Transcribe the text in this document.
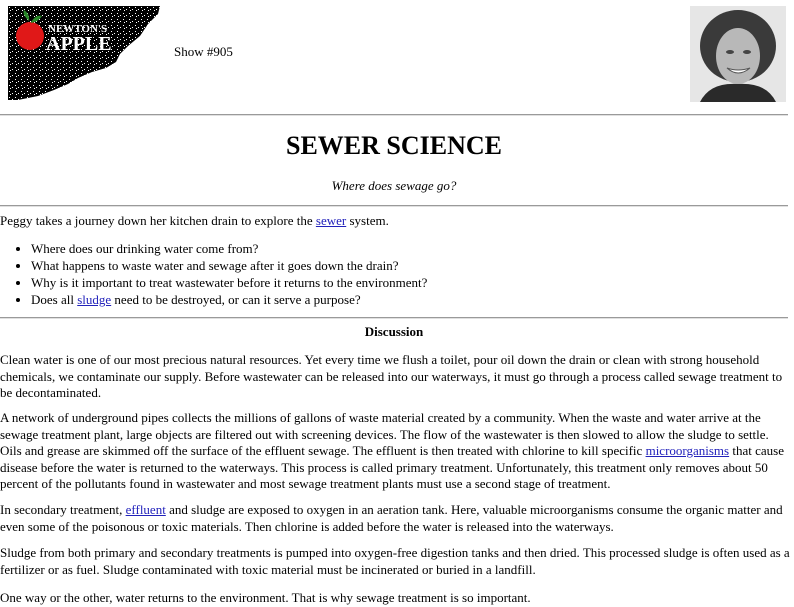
NEWTON'S
APPLE	Show #905
SEWER SCIENCE
Where does sewage go?

Peggy takes a journey down her kitchen drain to explore the sewer system.

• Where does our drinking water come from?
• What happens to waste water and sewage after it goes down the drain?
• Why is it important to treat wastewater before it returns to the environment?
• Does all sludge need to be destroyed, or can it serve a purpose?
Discussion

Clean water is one of our most precious natural resources. Yet every time we flush a toilet, pour oil down the drain or clean with strong household chemicals, we contaminate our supply. Before wastewater can be released into our waterways, it must go through a process called sewage treatment to be decontaminated.

A network of underground pipes collects the millions of gallons of waste material created by a community. When the waste and water arrive at the sewage treatment plant, large objects are filtered out with screening devices. The flow of the wastewater is then slowed to allow the sludge to settle. Oils and grease are skimmed off the surface of the effluent sewage. The effluent is then treated with chlorine to kill specific microorganisms that cause disease before the water is returned to the waterways. This process is called primary treatment. Unfortunately, this treatment only removes about 50 percent of the pollutants found in wastewater and most sewage treatment plants must use a second stage of treatment.

In secondary treatment, effluent and sludge are exposed to oxygen in an aeration tank. Here, valuable microorganisms consume the organic matter and even some of the poisonous or toxic materials. Then chlorine is added before the water is released into the waterways.

Sludge from both primary and secondary treatments is pumped into oxygen-free digestion tanks and then dried. This processed sludge is often used as a fertilizer or as fuel. Sludge contaminated with toxic material must be incinerated or buried in a landfill.

One way or the other, water returns to the environment. That is why sewage treatment is so important.
